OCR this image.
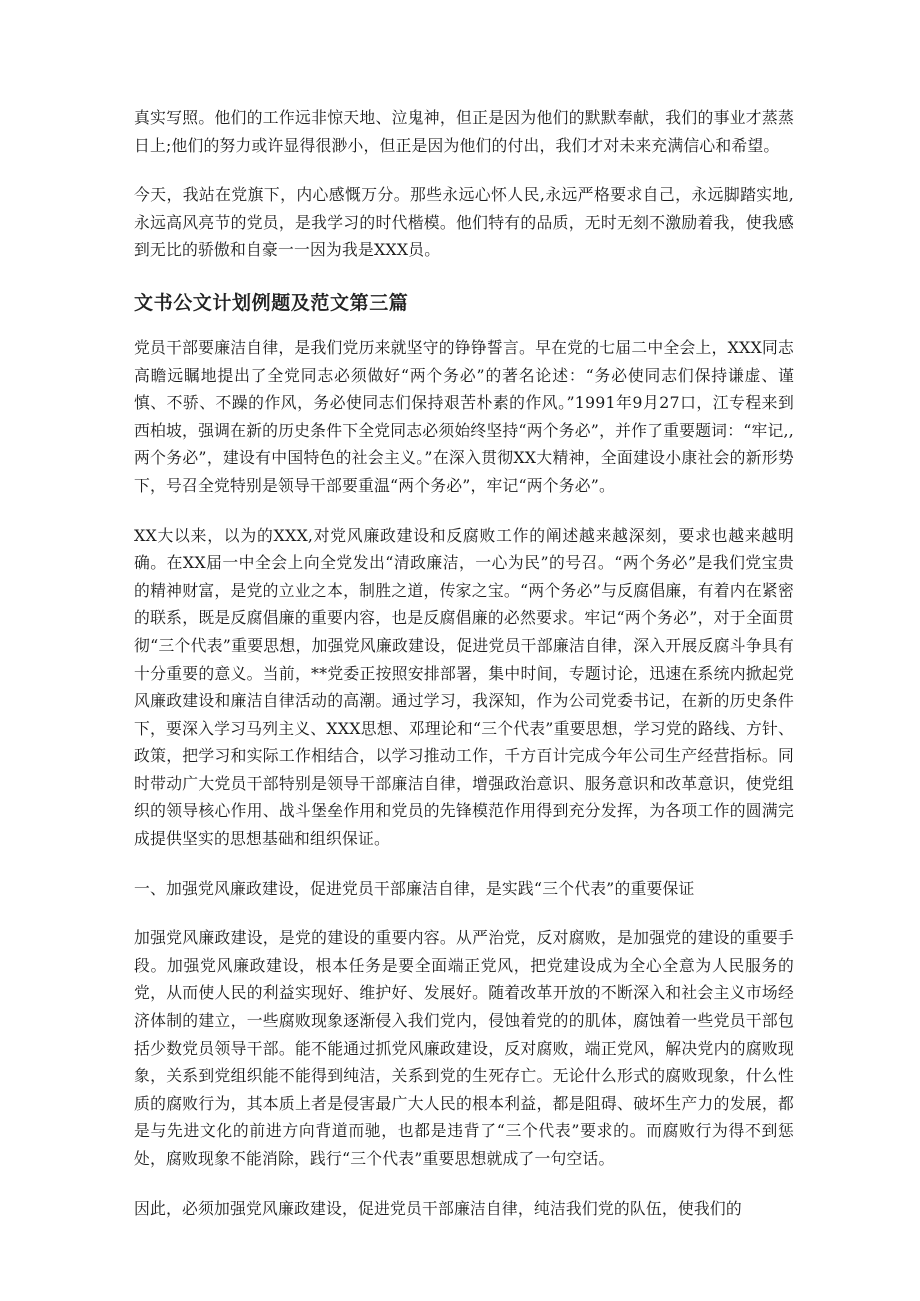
真实写照。他们的工作远非惊天地、泣鬼神，但正是因为他们的默默奉献，我们的事业才蒸蒸日上;他们的努力或许显得很渺小，但正是因为他们的付出，我们才对未来充满信心和希望。

今天，我站在党旗下，内心感慨万分。那些永远心怀人民,永远严格要求自己，永远脚踏实地,永远高风亮节的党员，是我学习的时代楷模。他们特有的品质，无时无刻不激励着我，使我感到无比的骄傲和自豪一一因为我是XXX员。

文书公文计划例题及范文第三篇

党员干部要廉洁自律，是我们党历来就坚守的铮铮誓言。早在党的七届二中全会上，XXX同志高瞻远瞩地提出了全党同志必须做好“两个务必”的著名论述：“务必使同志们保持谦虚、谨慎、不骄、不躁的作风，务必使同志们保持艰苦朴素的作风。”1991年9月27口，江专程来到西柏坡，强调在新的历史条件下全党同志必须始终坚持“两个务必”，并作了重要题词：“牢记,,两个务必”，建设有中国特色的社会主义。”在深入贯彻XX大精神，全面建设小康社会的新形势下，号召全党特别是领导干部要重温“两个务必”，牢记“两个务必”。

XX大以来，以为的XXX,对党风廉政建设和反腐败工作的阐述越来越深刻，要求也越来越明确。在XX届一中全会上向全党发出“清政廉洁，一心为民”的号召。“两个务必”是我们党宝贵的精神财富，是党的立业之本，制胜之道，传家之宝。“两个务必”与反腐倡廉，有着内在紧密的联系，既是反腐倡廉的重要内容，也是反腐倡廉的必然要求。牢记“两个务必”，对于全面贯彻“三个代表”重要思想，加强党风廉政建设，促进党员干部廉洁自律，深入开展反腐斗争具有十分重要的意义。当前，**党委正按照安排部署，集中时间，专题讨论，迅速在系统内掀起党风廉政建设和廉洁自律活动的高潮。通过学习，我深知，作为公司党委书记，在新的历史条件下，要深入学习马列主义、XXX思想、邓理论和“三个代表”重要思想，学习党的路线、方针、政策，把学习和实际工作相结合，以学习推动工作，千方百计完成今年公司生产经营指标。同时带动广大党员干部特别是领导干部廉洁自律，增强政治意识、服务意识和改革意识，使党组织的领导核心作用、战斗堡垒作用和党员的先锋模范作用得到充分发挥，为各项工作的圆满完成提供坚实的思想基础和组织保证。

一、加强党风廉政建设，促进党员干部廉洁自律，是实践“三个代表”的重要保证

加强党风廉政建设，是党的建设的重要内容。从严治党，反对腐败，是加强党的建设的重要手段。加强党风廉政建设，根本任务是要全面端正党风，把党建设成为全心全意为人民服务的党，从而使人民的利益实现好、维护好、发展好。随着改革开放的不断深入和社会主义市场经济体制的建立，一些腐败现象逐渐侵入我们党内，侵蚀着党的的肌体，腐蚀着一些党员干部包括少数党员领导干部。能不能通过抓党风廉政建设，反对腐败，端正党风，解决党内的腐败现象，关系到党组织能不能得到纯洁，关系到党的生死存亡。无论什么形式的腐败现象，什么性质的腐败行为，其本质上者是侵害最广大人民的根本利益，都是阻碍、破坏生产力的发展，都是与先进文化的前进方向背道而驰，也都是违背了“三个代表”要求的。而腐败行为得不到惩处，腐败现象不能消除，践行“三个代表”重要思想就成了一句空话。

因此，必须加强党风廉政建设，促进党员干部廉洁自律，纯洁我们党的队伍，使我们的
